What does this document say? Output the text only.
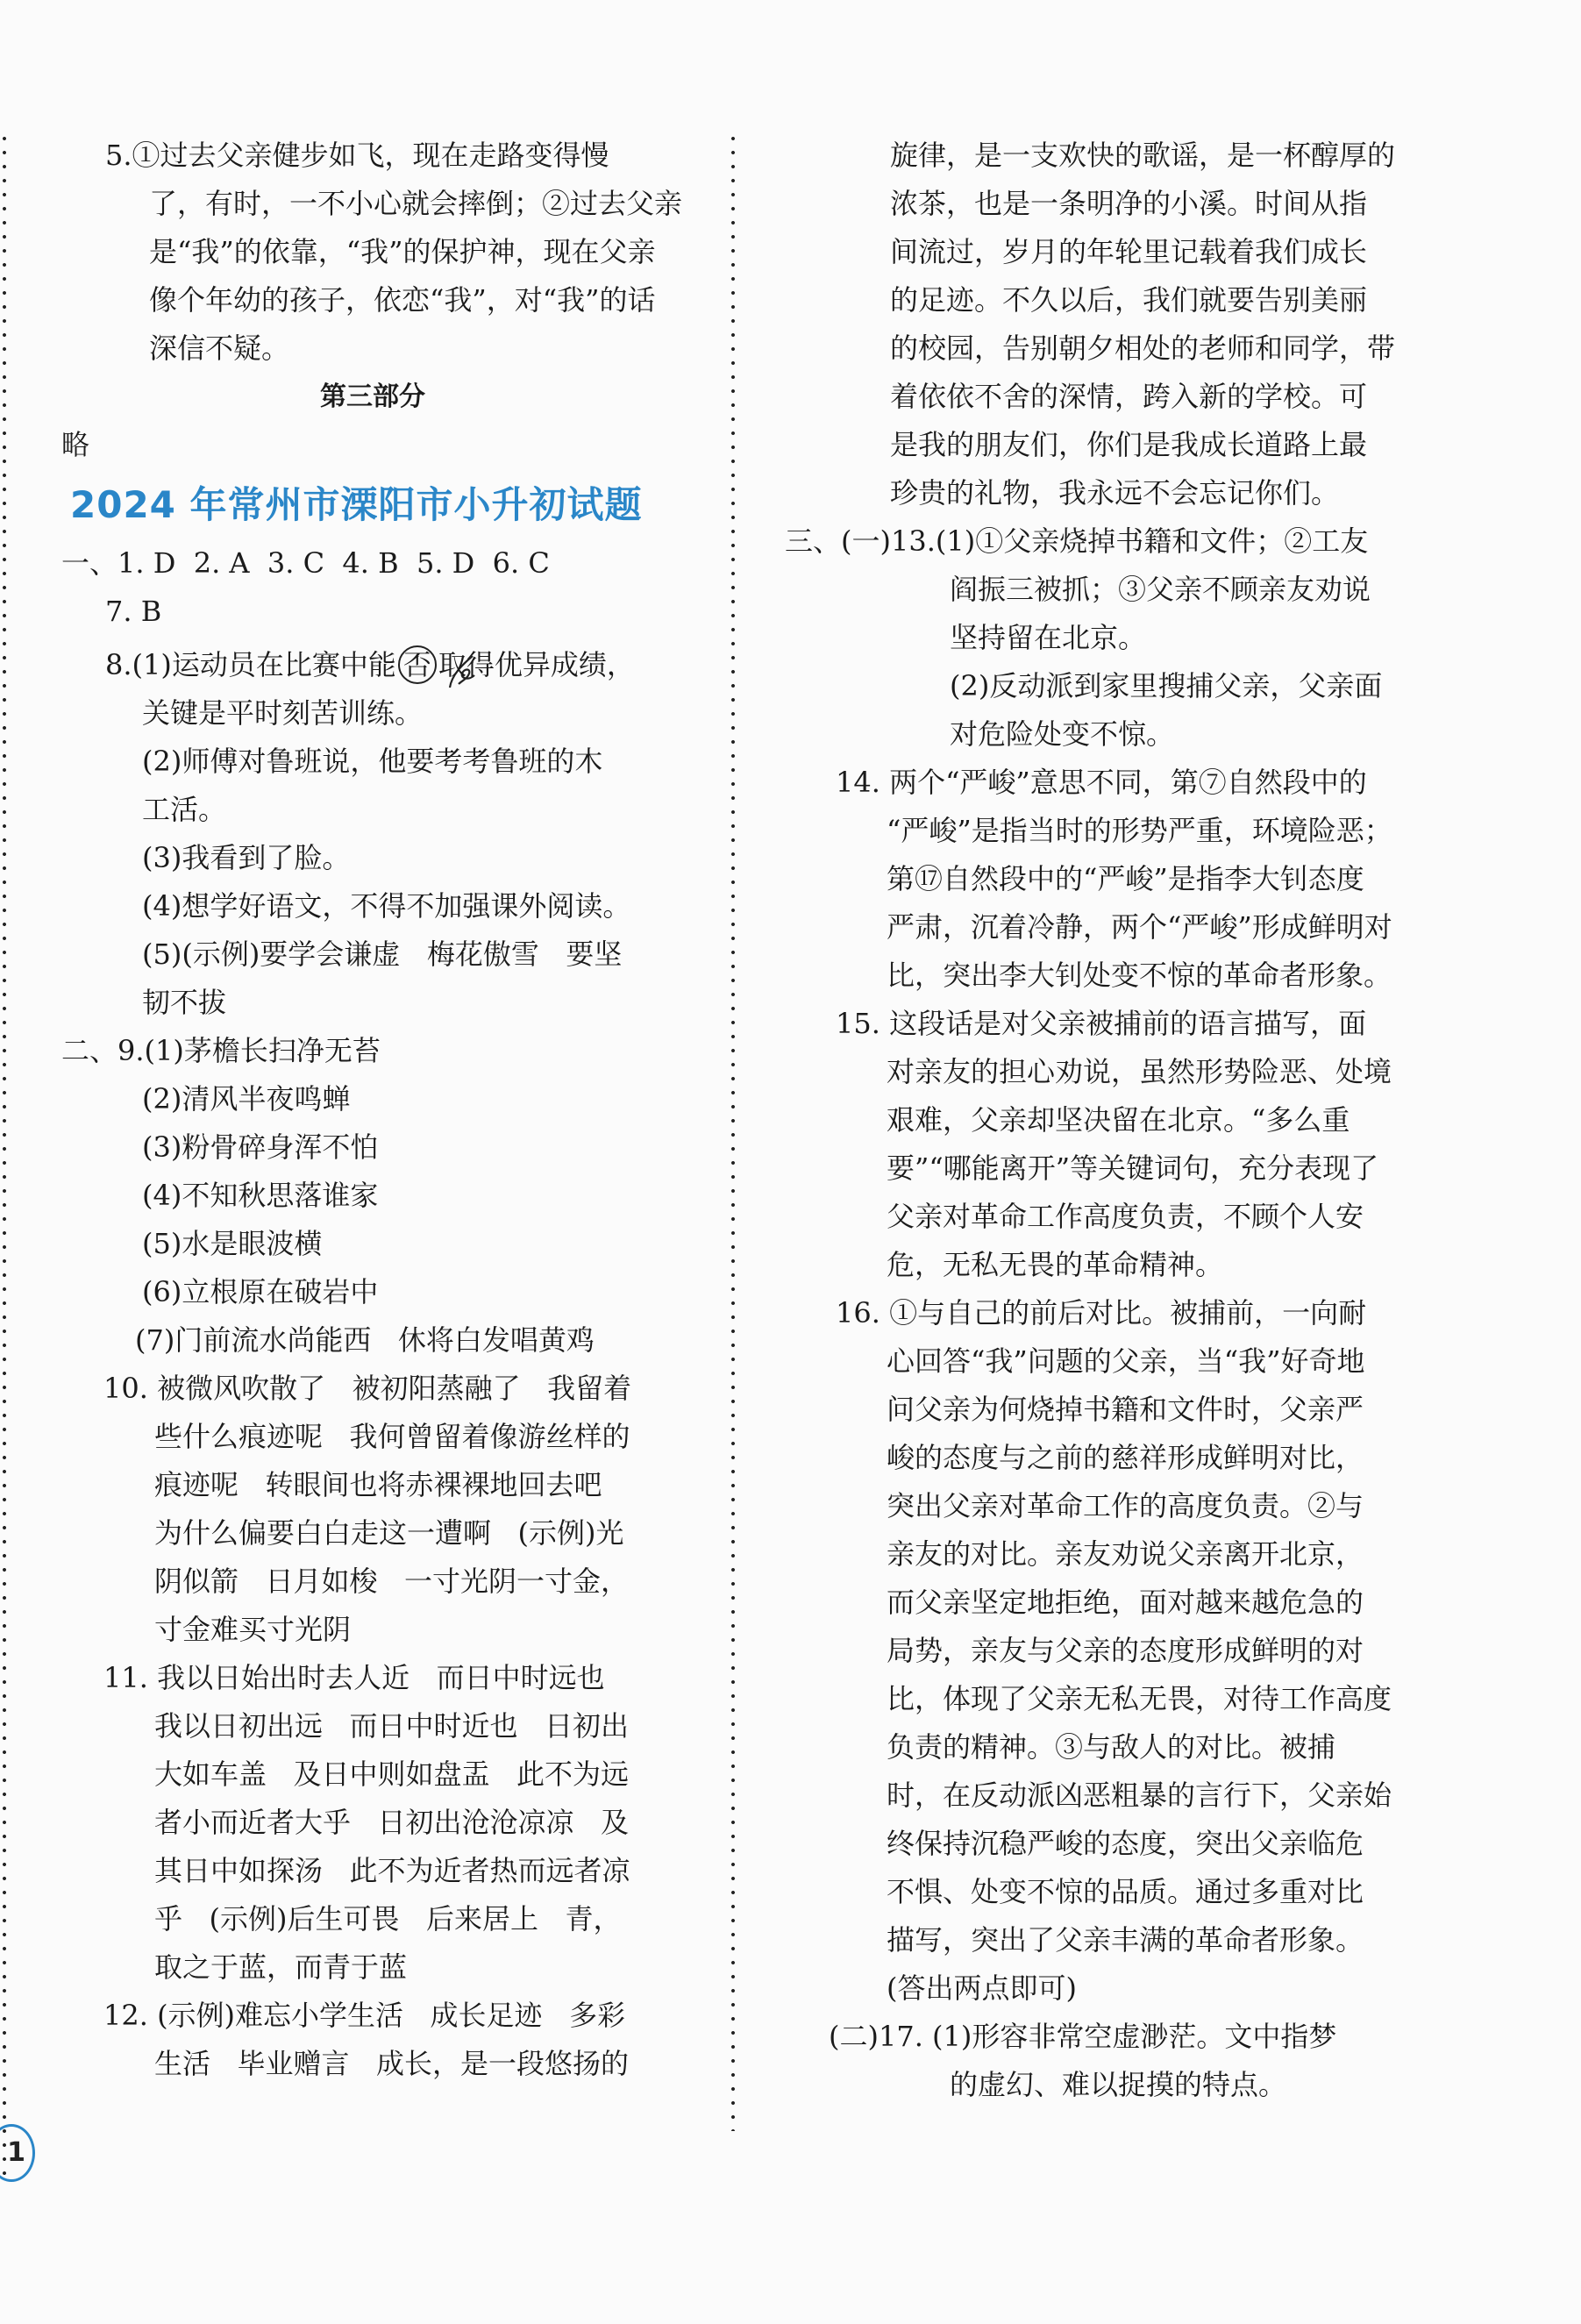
5.①过去父亲健步如飞，现在走路变得慢
了，有时，一不小心就会摔倒；②过去父亲
是“我”的依靠，“我”的保护神，现在父亲
像个年幼的孩子，依恋“我”，对“我”的话
深信不疑。
第三部分
略
2024 年常州市溧阳市小升初试题
一、1. D  2. A  3. C  4. B  5. D  6. C
7. B
8.(1)运动员在比赛中能 否 取得优异成绩，
关键是平时刻苦训练。
(2)师傅对鲁班说，他要考考鲁班的木
工活。
(3)我看到了脸。
(4)想学好语文，不得不加强课外阅读。
(5)(示例)要学会谦虚   梅花傲雪   要坚
韧不拔
二、9.(1)茅檐长扫净无苔
(2)清风半夜鸣蝉
(3)粉骨碎身浑不怕
(4)不知秋思落谁家
(5)水是眼波横
(6)立根原在破岩中
(7)门前流水尚能西   休将白发唱黄鸡
10. 被微风吹散了   被初阳蒸融了   我留着
些什么痕迹呢   我何曾留着像游丝样的
痕迹呢   转眼间也将赤裸裸地回去吧
为什么偏要白白走这一遭啊   (示例)光
阴似箭   日月如梭   一寸光阴一寸金，
寸金难买寸光阴
11. 我以日始出时去人近   而日中时远也
我以日初出远   而日中时近也   日初出
大如车盖   及日中则如盘盂   此不为远
者小而近者大乎   日初出沧沧凉凉   及
其日中如探汤   此不为近者热而远者凉
乎   (示例)后生可畏   后来居上   青，
取之于蓝，而青于蓝
12. (示例)难忘小学生活   成长足迹   多彩
生活   毕业赠言   成长，是一段悠扬的
旋律，是一支欢快的歌谣，是一杯醇厚的
浓茶，也是一条明净的小溪。时间从指
间流过，岁月的年轮里记载着我们成长
的足迹。不久以后，我们就要告别美丽
的校园，告别朝夕相处的老师和同学，带
着依依不舍的深情，跨入新的学校。可
是我的朋友们，你们是我成长道路上最
珍贵的礼物，我永远不会忘记你们。
三、(一)13.(1)①父亲烧掉书籍和文件；②工友
阎振三被抓；③父亲不顾亲友劝说
坚持留在北京。
(2)反动派到家里搜捕父亲，父亲面
对危险处变不惊。
14. 两个“严峻”意思不同，第⑦自然段中的
“严峻”是指当时的形势严重，环境险恶；
第⑰自然段中的“严峻”是指李大钊态度
严肃，沉着冷静，两个“严峻”形成鲜明对
比，突出李大钊处变不惊的革命者形象。
15. 这段话是对父亲被捕前的语言描写，面
对亲友的担心劝说，虽然形势险恶、处境
艰难，父亲却坚决留在北京。“多么重
要”“哪能离开”等关键词句，充分表现了
父亲对革命工作高度负责，不顾个人安
危，无私无畏的革命精神。
16. ①与自己的前后对比。被捕前，一向耐
心回答“我”问题的父亲，当“我”好奇地
问父亲为何烧掉书籍和文件时，父亲严
峻的态度与之前的慈祥形成鲜明对比，
突出父亲对革命工作的高度负责。②与
亲友的对比。亲友劝说父亲离开北京，
而父亲坚定地拒绝，面对越来越危急的
局势，亲友与父亲的态度形成鲜明的对
比，体现了父亲无私无畏，对待工作高度
负责的精神。③与敌人的对比。被捕
时，在反动派凶恶粗暴的言行下，父亲始
终保持沉稳严峻的态度，突出父亲临危
不惧、处变不惊的品质。通过多重对比
描写，突出了父亲丰满的革命者形象。
(答出两点即可)
(二)17. (1)形容非常空虚渺茫。文中指梦
的虚幻、难以捉摸的特点。
1
